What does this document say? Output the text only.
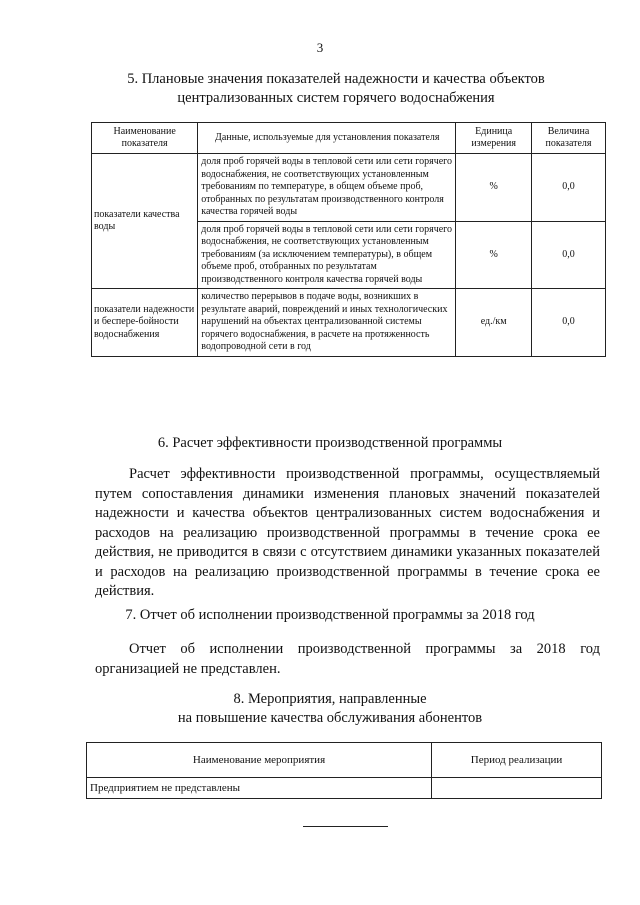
3
5. Плановые значения показателей надежности и качества объектов
централизованных систем горячего водоснабжения
Наименование показателя	Данные, используемые для установления показателя	Единица измерения	Величина показателя
показатели качества воды	доля проб горячей воды в тепловой сети или сети горячего водоснабжения, не соответствующих установленным требованиям по температуре, в общем объеме проб, отобранных по результатам производственного контроля качества горячей воды	%	0,0
	доля проб горячей воды в тепловой сети или сети горячего водоснабжения, не соответствующих установленным требованиям (за исключением температуры), в общем объеме проб, отобранных по результатам производственного контроля качества горячей воды	%	0,0
показатели надежности и беспере-бойности водоснабжения	количество перерывов в подаче воды, возникших в результате аварий, повреждений и иных технологических нарушений на объектах централизованной системы горячего водоснабжения, в расчете на протяженность водопроводной сети в год	ед./км	0,0
6. Расчет эффективности производственной программы
Расчет эффективности производственной программы, осуществляемый путем сопоставления динамики изменения плановых значений показателей надежности и качества объектов централизованных систем водоснабжения и расходов на реализацию производственной программы в течение срока ее действия, не приводится в связи с отсутствием динамики указанных показателей и расходов на реализацию производственной программы в течение срока ее действия.
7. Отчет об исполнении производственной программы за 2018 год
Отчет об исполнении производственной программы за 2018 год организацией не представлен.
8. Мероприятия, направленные
на повышение качества обслуживания абонентов
Наименование мероприятия	Период реализации
Предприятием не представлены	
